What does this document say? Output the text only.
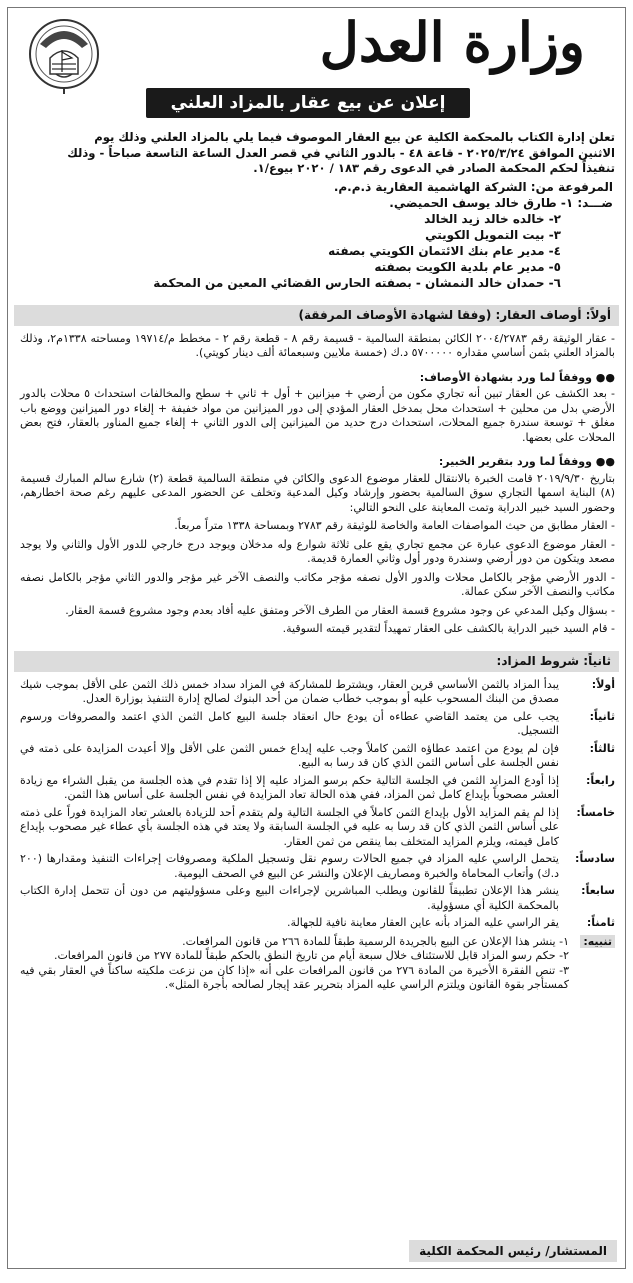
وزارة العدل
إعلان عن بيع عقار بالمزاد العلني

تعلن إدارة الكتاب بالمحكمة الكلية عن بيع العقار الموصوف فيما يلي بالمزاد العلني وذلك يوم

الاثنين الموافق ٢٠٢٥/٣/٢٤ - قاعة ٤٨ - بالدور الثاني في قصر العدل الساعة التاسعة صباحاً - وذلك

تنفيذاً لحكم المحكمة الصادر في الدعوى رقم ١٨٣ / ٢٠٢٠ بيوع/١.

المرفوعة من: الشركة الهاشمية العقارية ذ.م.م.

ضـــد: ١- طارق خالد يوسف الحميضي.

٢- خالده خالد زيد الخالد

٣- بيت التمويل الكويتي

٤- مدير عام بنك الائتمان الكويتي بصفته

٥- مدير عام بلدية الكويت بصفته

٦- حمدان خالد النمشان - بصفته الحارس القضائي المعين من المحكمة

أولاً: أوصاف العقار: (وفقا لشهادة الأوصاف المرفقة)

- عقار الوثيقة رقم ٢٠٠٤/٢٧٨٣ الكائن بمنطقة السالمية - قسيمة رقم ٨ - قطعة رقم ٢ - مخطط م/١٩٧١٤ ومساحته ١٣٣٨م٢، وذلك بالمزاد العلني بثمن أساسي مقداره ٥٧٠٠٠٠٠ د.ك (خمسة ملايين وسبعمائة ألف دينار كويتي).

●● ووفقاً لما ورد بشهادة الأوصاف:

- بعد الكشف عن العقار تبين أنه تجاري مكون من أرضي + ميزانين + أول + ثاني + سطح والمخالفات استحداث ٥ محلات بالدور الأرضي بدل من محلين + استحداث محل بمدخل العقار المؤدي إلى دور الميزانين من مواد خفيفة + إلغاء دور الميزانين ووضع باب مغلق + توسعة سندرة جميع المحلات، استحداث درج حديد من الميزانين إلى الدور الثاني + إلغاء جميع المناور بالعقار، فتح بعض المحلات على بعضها.

●● ووفقاً لما ورد بتقرير الخبير:

بتاريخ ٢٠١٩/٩/٣٠ قامت الخبرة بالانتقال للعقار موضوع الدعوى والكائن في منطقة السالمية قطعة (٢) شارع سالم المبارك قسيمة (٨) البناية اسمها التجاري سوق السالمية بحضور وإرشاد وكيل المدعية وتخلف عن الحضور المدعى عليهم رغم صحة اخطارهم، وحضور السيد خبير الدراية وتمت المعاينة على النحو التالي:

- العقار مطابق من حيث المواصفات العامة والخاصة للوثيقة رقم ٢٧٨٣ وبمساحة ١٣٣٨ متراً مربعاً.

- العقار موضوع الدعوى عبارة عن مجمع تجاري يقع على ثلاثة شوارع وله مدخلان ويوجد درج خارجي للدور الأول والثاني ولا يوجد مصعد ويتكون من دور أرضي وسندرة ودور أول وثاني العمارة قديمة.

- الدور الأرضي مؤجر بالكامل محلات والدور الأول نصفه مؤجر مكاتب والنصف الآخر غير مؤجر والدور الثاني مؤجر بالكامل نصفه مكاتب والنصف الآخر سكن عمالة.

- بسؤال وكيل المدعي عن وجود مشروع قسمة العقار من الطرف الآخر ومتفق عليه أفاد بعدم وجود مشروع قسمة العقار.

- قام السيد خبير الدراية بالكشف على العقار تمهيداً لتقدير قيمته السوقية.

ثانياً: شروط المزاد:
أولاً:
يبدأ المزاد بالثمن الأساسي قرين العقار، ويشترط للمشاركة في المزاد سداد خمس ذلك الثمن على الأقل بموجب شيك مصدق من البنك المسحوب عليه أو بموجب خطاب ضمان من أحد البنوك لصالح إدارة التنفيذ بوزارة العدل.
ثانياً:
يجب على من يعتمد القاضي عطاءه أن يودع حال انعقاد جلسة البيع كامل الثمن الذي اعتمد والمصروفات ورسوم التسجيل.
ثالثاً:
فإن لم يودع من اعتمد عطاؤه الثمن كاملاً وجب عليه إيداع خمس الثمن على الأقل وإلا أعيدت المزايدة على ذمته في نفس الجلسة على أساس الثمن الذي كان قد رسا به البيع.
رابعاً:
إذا أودع المزايد الثمن في الجلسة التالية حكم برسو المزاد عليه إلا إذا تقدم في هذه الجلسة من يقبل الشراء مع زيادة العشر مصحوباً بإيداع كامل ثمن المزاد، ففي هذه الحالة تعاد المزايدة في نفس الجلسة على أساس هذا الثمن.
خامساً:
إذا لم يقم المزايد الأول بإيداع الثمن كاملاً في الجلسة التالية ولم يتقدم أحد للزيادة بالعشر تعاد المزايدة فوراً على ذمته على أساس الثمن الذي كان قد رسا به عليه في الجلسة السابقة ولا يعتد في هذه الجلسة بأي عطاء غير مصحوب بإيداع كامل قيمته، ويلزم المزايد المتخلف بما ينقص من ثمن العقار.
سادساً:
يتحمل الراسي عليه المزاد في جميع الحالات رسوم نقل وتسجيل الملكية ومصروفات إجراءات التنفيذ ومقدارها (٢٠٠ د.ك) وأتعاب المحاماة والخبرة ومصاريف الإعلان والنشر عن البيع في الصحف اليومية.
سابعاً:
ينشر هذا الإعلان تطبيقاً للقانون ويطلب المباشرين لإجراءات البيع وعلى مسؤوليتهم من دون أن تتحمل إدارة الكتاب بالمحكمة الكلية أي مسؤولية.
ثامناً:
يقر الراسي عليه المزاد بأنه عاين العقار معاينة نافية للجهالة.
تنبيه:
١- ينشر هذا الإعلان عن البيع بالجريدة الرسمية طبقاً للمادة ٢٦٦ من قانون المرافعات.
٢- حكم رسو المزاد قابل للاستئناف خلال سبعة أيام من تاريخ النطق بالحكم طبقاً للمادة ٢٧٧ من قانون المرافعات.
٣- تنص الفقرة الأخيرة من المادة ٢٧٦ من قانون المرافعات على أنه «إذا كان من نزعت ملكيته ساكناً في العقار بقي فيه كمستأجر بقوة القانون ويلتزم الراسي عليه المزاد بتحرير عقد إيجار لصالحه بأجرة المثل».
المستشار/ رئيس المحكمة الكلية
